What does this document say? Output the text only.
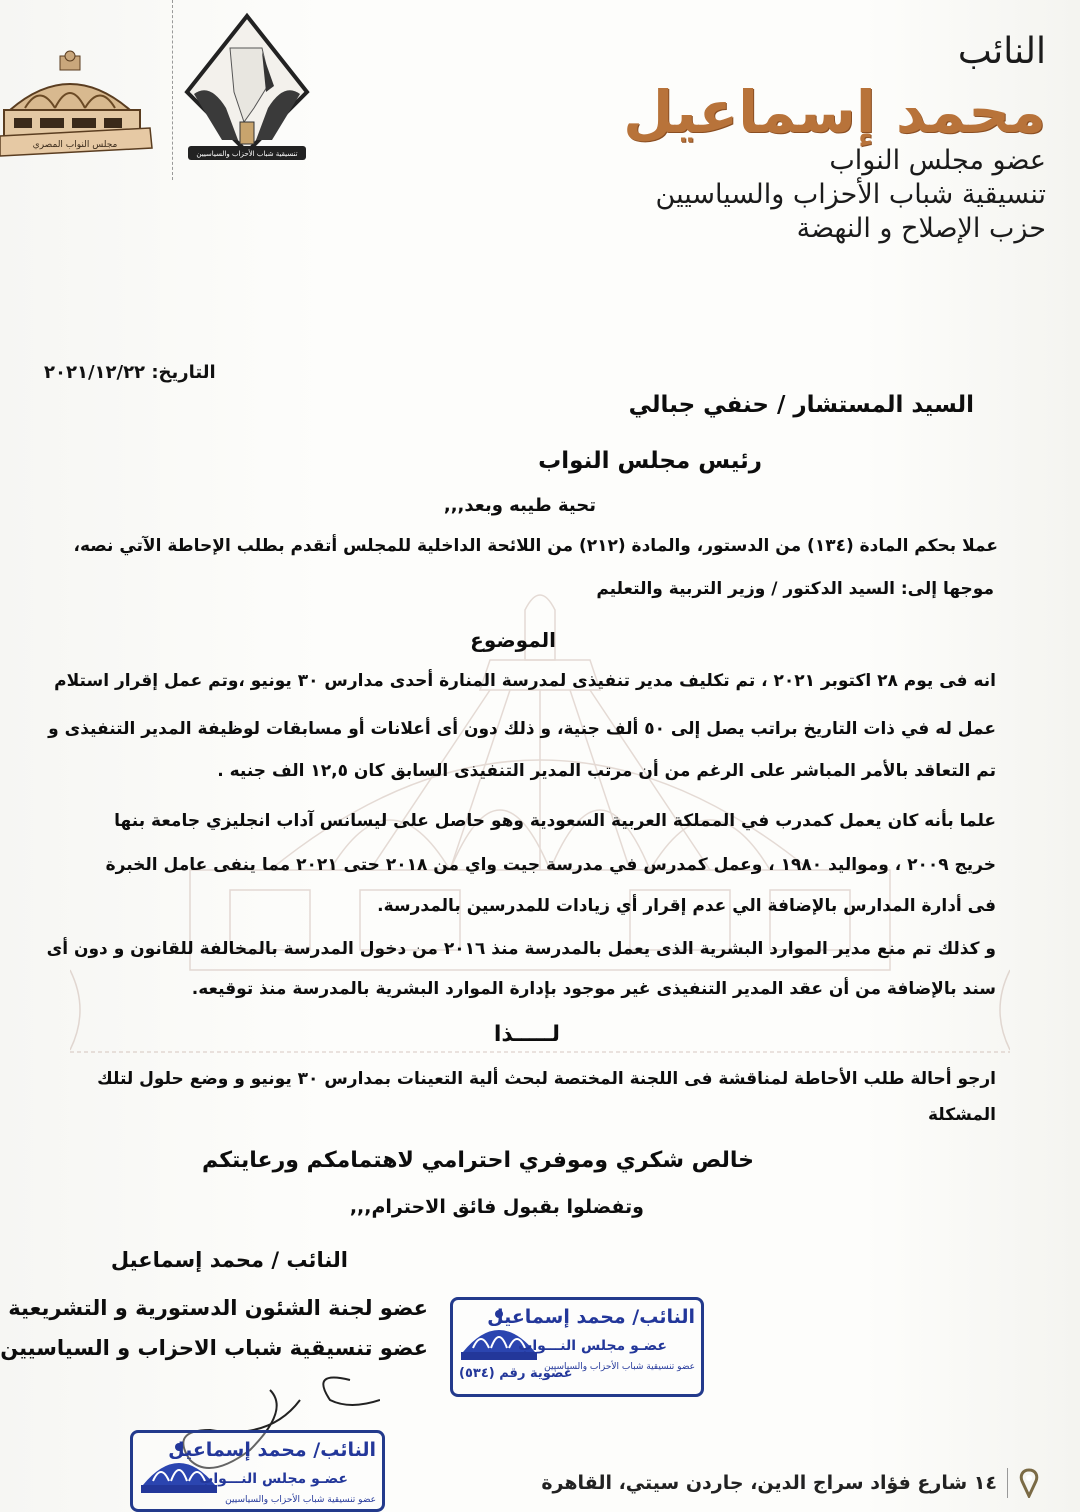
مجلس النواب المصري
تنسيقية شباب الأحزاب والسياسيين
النائب
محمد إسماعيل
عضو مجلس النواب
تنسيقية شباب الأحزاب والسياسيين
حزب الإصلاح و النهضة
التاريخ: ٢٠٢١/١٢/٢٢
السيد المستشار / حنفي جبالي
رئيس مجلس النواب
تحية طيبه وبعد,,,
عملا بحكم المادة (١٣٤) من الدستور، والمادة (٢١٢) من اللائحة الداخلية للمجلس أتقدم بطلب الإحاطة الآتي نصه،
موجها إلى: السيد الدكتور / وزير التربية والتعليم
الموضوع
انه فى يوم ٢٨ اكتوبر ٢٠٢١ ، تم تكليف مدير تنفيذى لمدرسة المنارة أحدى مدارس ٣٠ يونيو ،وتم عمل إقرار استلام
عمل له في ذات التاريخ براتب يصل إلى ٥٠ ألف جنية، و ذلك دون أى أعلانات أو مسابقات لوظيفة المدير التنفيذى و
تم التعاقد بالأمر المباشر على الرغم من أن مرتب المدير التنفيذى السابق كان ١٢,٥ الف جنيه .
علما بأنه كان يعمل كمدرب في المملكة العربية السعودية وهو حاصل على ليسانس آداب انجليزي جامعة بنها
خريج ٢٠٠٩ ، ومواليد ١٩٨٠ ، وعمل كمدرس في مدرسة جيت واي من ٢٠١٨ حتى ٢٠٢١ مما ينفى عامل الخبرة
فى أدارة المدارس بالإضافة الي عدم إقرار أي زيادات للمدرسين بالمدرسة.
و كذلك تم منع مدير الموارد البشرية الذى يعمل بالمدرسة منذ ٢٠١٦ من دخول المدرسة بالمخالفة للقانون و دون أى
سند بالإضافة من أن عقد المدير التنفيذى غير موجود بإدارة الموارد البشرية بالمدرسة منذ توقيعه.
لـــــذا
ارجو أحالة طلب الأحاطة لمناقشة فى اللجنة المختصة لبحث ألية التعينات بمدارس ٣٠ يونيو و وضع حلول لتلك
المشكلة
خالص شكري وموفري احترامي لاهتمامكم ورعايتكم
وتفضلوا بقبول فائق الاحترام,,,
النائب / محمد إسماعيل
عضو لجنة الشئون الدستورية و التشريعية
عضو تنسيقية شباب الاحزاب و السياسيين
النائب/ محمد إسماعيل
عضـو مجلس النـــواب
عضو تنسيقية شباب الأحزاب والسياسيين
عضوية رقم (٥٣٤)
النائب/ محمد إسماعيل
عضـو مجلس النـــواب
عضو تنسيقية شباب الأحزاب والسياسيين
١٤ شارع فؤاد سراج الدين، جاردن سيتي، القاهرة
